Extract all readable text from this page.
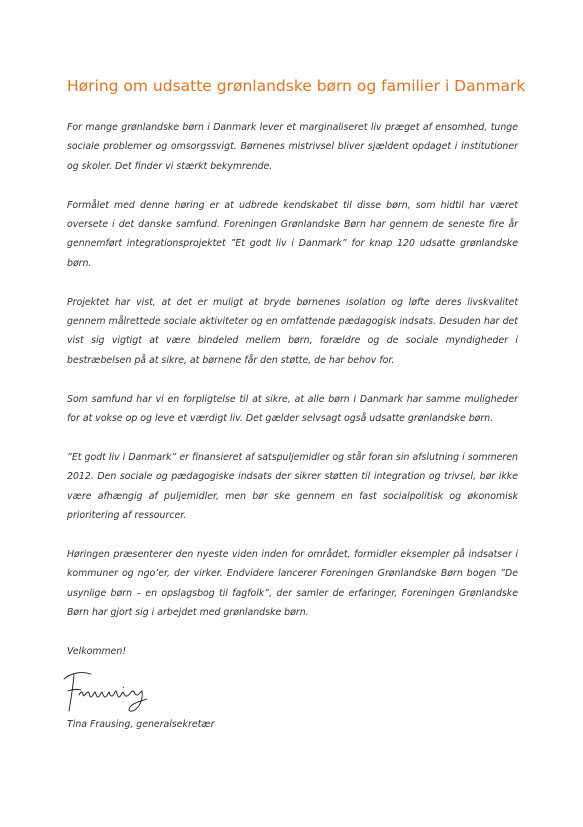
Høring om udsatte grønlandske børn og familier i Danmark

For mange grønlandske børn i Danmark lever et marginaliseret liv præget af ensomhed, tunge sociale problemer og omsorgssvigt. Børnenes mistrivsel bliver sjældent opdaget i institutioner og skoler. Det finder vi stærkt bekymrende.

Formålet med denne høring er at udbrede kendskabet til disse børn, som hidtil har været oversete i det danske samfund. Foreningen Grønlandske Børn har gennem de seneste fire år gennemført integrationsprojektet ”Et godt liv i Danmark” for knap 120 udsatte grønlandske børn.

Projektet har vist, at det er muligt at bryde børnenes isolation og løfte deres livskvalitet gennem målrettede sociale aktiviteter og en omfattende pædagogisk indsats. Desuden har det vist sig vigtigt at være bindeled mellem børn, forældre og de sociale myndigheder i bestræbelsen på at sikre, at børnene får den støtte, de har behov for.

Som samfund har vi en forpligtelse til at sikre, at alle børn i Danmark har samme muligheder for at vokse op og leve et værdigt liv. Det gælder selvsagt også udsatte grønlandske børn.

”Et godt liv i Danmark” er finansieret af satspuljemidler og står foran sin afslutning i sommeren 2012. Den sociale og pædagogiske indsats der sikrer støtten til integration og trivsel, bør ikke være afhængig af puljemidler, men bør ske gennem en fast socialpolitisk og økonomisk prioritering af ressourcer.

Høringen præsenterer den nyeste viden inden for området, formidler eksempler på indsatser i kommuner og ngo’er, der virker. Endvidere lancerer Foreningen Grønlandske Børn bogen ”De usynlige børn – en opslagsbog til fagfolk”, der samler de erfaringer, Foreningen Grønlandske Børn har gjort sig i arbejdet med grønlandske børn.

Velkommen!

Tina Frausing, generalsekretær
